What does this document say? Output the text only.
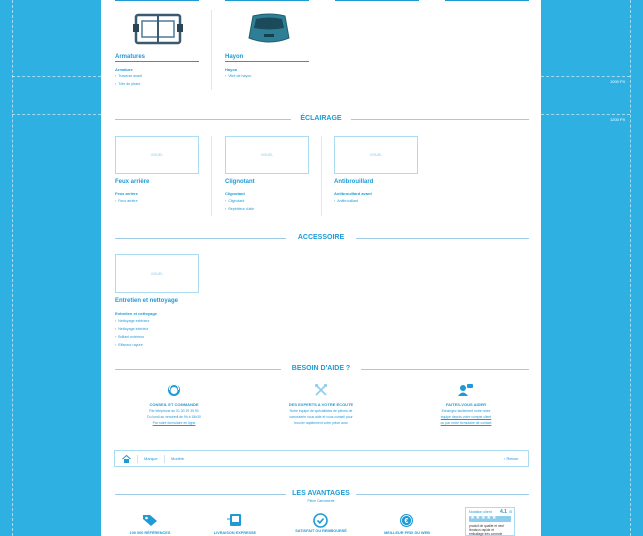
1000 PX
1200 PX
Armatures
Armature
›  Traverse avant
›  Tôle de phare
Hayon
Hayon
›  Vitré de hayon
ÉCLAIRAGE
VISUEL
Feux arrière
Feux arrière
›  Feux arrière
VISUEL
Clignotant
Clignotant
›  Clignotant
›  Répétiteur d'aile
VISUEL
Antibrouillard
Antibrouillard avant
›  Antibrouillard
ACCESSOIRE
VISUEL
Entretien et nettoyage
Entretien et nettoyage
›  Nettoyage extérieur
›  Nettoyage intérieur
›  Brillant extérieur
›  Effaceur rayure
BESOIN D'AIDE ?
CONSEIL ET COMMANDE
Par téléphone au 01 30 29 35 90
Du lundi au vendredi de 9h à 18h30
Par notre formulaire en ligne
DES EXPERTS A VOTRE ÉCOUTE
Notre équipe de spécialistes de pièces de
carrosserie vous aide et vous conseil pour
trouver rapidement votre pièce auto
FAITES-VOUS AIDER
Echangez facilement notre notre
équipe depuis votre compte client
ou par notre formulaire de contact
Marque	Modèle	‹ Retour
LES AVANTAGES
Pièce Carrosserie
100 000 RÉFÉRENCES	LIVRAISON EXPRESSE	SATISFAIT OU REMBOURSÉ
€
MEILLEUR PRIX DU WEB
Notation client 4.1 /5
★★★★★
produit de qualité et neuf
livraison rapide et
emballage très correcte
